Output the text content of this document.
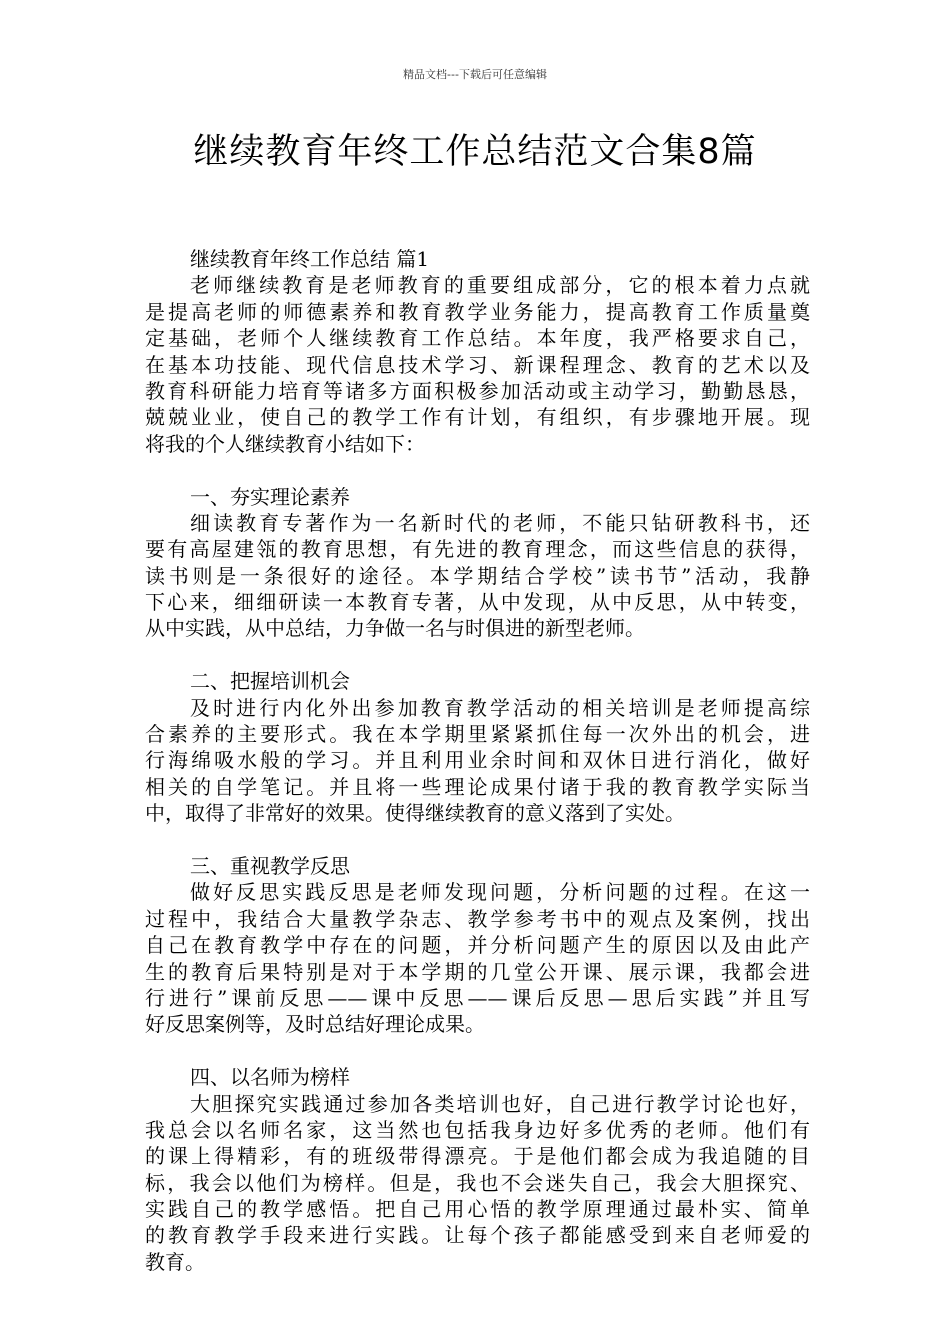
精品文档---下载后可任意编辑
继续教育年终工作总结范文合集8篇
继续教育年终工作总结 篇1
老师继续教育是老师教育的重要组成部分，它的根本着力点就
是提高老师的师德素养和教育教学业务能力，提高教育工作质量奠
定基础，老师个人继续教育工作总结。本年度，我严格要求自己，
在基本功技能、现代信息技术学习、新课程理念、教育的艺术以及
教育科研能力培育等诸多方面积极参加活动或主动学习，勤勤恳恳，
兢兢业业，使自己的教学工作有计划，有组织，有步骤地开展。现
将我的个人继续教育小结如下：
一、夯实理论素养
细读教育专著作为一名新时代的老师，不能只钻研教科书，还
要有高屋建瓴的教育思想，有先进的教育理念，而这些信息的获得，
读书则是一条很好的途径。本学期结合学校”读书节”活动，我静
下心来，细细研读一本教育专著，从中发现，从中反思，从中转变，
从中实践，从中总结，力争做一名与时俱进的新型老师。
二、把握培训机会
及时进行内化外出参加教育教学活动的相关培训是老师提高综
合素养的主要形式。我在本学期里紧紧抓住每一次外出的机会，进
行海绵吸水般的学习。并且利用业余时间和双休日进行消化，做好
相关的自学笔记。并且将一些理论成果付诸于我的教育教学实际当
中，取得了非常好的效果。使得继续教育的意义落到了实处。
三、重视教学反思
做好反思实践反思是老师发现问题，分析问题的过程。在这一
过程中，我结合大量教学杂志、教学参考书中的观点及案例，找出
自己在教育教学中存在的问题，并分析问题产生的原因以及由此产
生的教育后果特别是对于本学期的几堂公开课、展示课，我都会进
行进行”课前反思——课中反思——课后反思—思后实践”并且写
好反思案例等，及时总结好理论成果。
四、以名师为榜样
大胆探究实践通过参加各类培训也好，自己进行教学讨论也好，
我总会以名师名家，这当然也包括我身边好多优秀的老师。他们有
的课上得精彩，有的班级带得漂亮。于是他们都会成为我追随的目
标，我会以他们为榜样。但是，我也不会迷失自己，我会大胆探究、
实践自己的教学感悟。把自己用心悟的教学原理通过最朴实、简单
的教育教学手段来进行实践。让每个孩子都能感受到来自老师爱的
教育。
